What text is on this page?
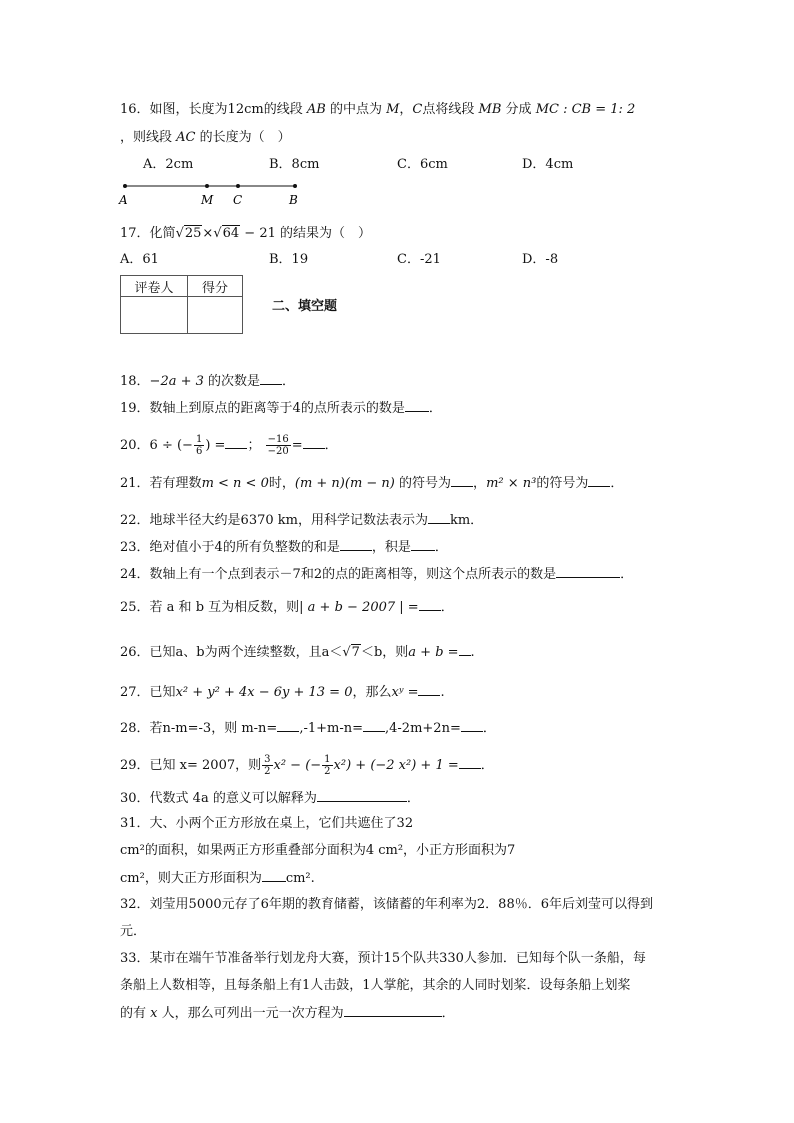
16．如图，长度为12cm的线段 AB 的中点为 M，C点将线段 MB 分成 MC : CB = 1: 2
，则线段 AC 的长度为（　）
A．2cm	B．8cm	C．6cm	D．4cm
A	M C	B
17．化简√25×√64 − 21 的结果为（　）
A．61	B．19	C．-21	D．-8
评卷人	得分

二、填空题
18．−2a + 3 的次数是 ．
19．数轴上到原点的距离等于4的点所表示的数是 ．
20．6 ÷ (− $\frac{1}{6}$ ) = ； $\frac{-16}{-20}$ = ．
21．若有理数m < n < 0时，(m + n)(m − n) 的符号为 ，m² × n³的符号为 ．
22．地球半径大约是6370 km，用科学记数法表示为 km．
23．绝对值小于4的所有负整数的和是 ，积是 ．
24．数轴上有一个点到表示－7和2的点的距离相等，则这个点所表示的数是	．
25．若 a 和 b 互为相反数，则| a + b − 2007 | = ．
26．已知a、b为两个连续整数，且a＜√7＜b，则a + b = .
27．已知x² + y² + 4x − 6y + 13 = 0，那么xʸ = .
28．若n-m=-3，则 m-n= ,-1+m-n= ,4-2m+2n= ．
29．已知 x= 2007，则 $\frac{3}{2} x^2$ − (− $\frac{1}{2} x^2) + (-2$ x²) + 1 = ．
30．代数式 4a 的意义可以解释为	．
31．大、小两个正方形放在桌上，它们共遮住了32
cm²的面积，如果两正方形重叠部分面积为4 cm²，小正方形面积为7
cm²，则大正方形面积为 cm².
32．刘莹用5000元存了6年期的教育储蓄，该储蓄的年利率为2．88％．6年后刘莹可以得到
元．
33．某市在端午节准备举行划龙舟大赛，预计15个队共330人参加．已知每个队一条船，每
条船上人数相等，且每条船上有1人击鼓，1人掌舵，其余的人同时划桨．设每条船上划桨
的有 x 人，那么可列出一元一次方程为	．
